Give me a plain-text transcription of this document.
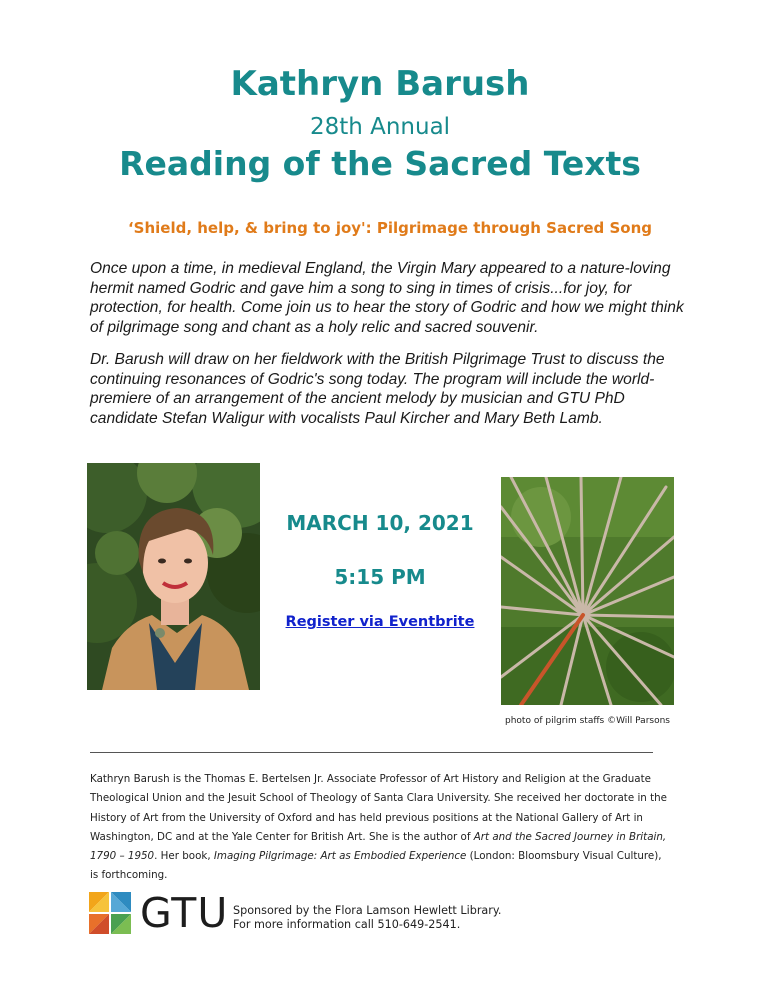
Kathryn Barush
28th Annual
Reading of the Sacred Texts
‘Shield, help, & bring to joy': Pilgrimage through Sacred Song
Once upon a time, in medieval England, the Virgin Mary appeared to a nature-loving hermit named Godric and gave him a song to sing in times of crisis...for joy, for protection, for health. Come join us to hear the story of Godric and how we might think of pilgrimage song and chant as a holy relic and sacred souvenir.
Dr. Barush will draw on her fieldwork with the British Pilgrimage Trust to discuss the continuing resonances of Godric's song today. The program will include the world-premiere of an arrangement of the ancient melody by musician and GTU PhD candidate Stefan Waligur with vocalists Paul Kircher and Mary Beth Lamb.
MARCH 10, 2021
5:15 PM
Register via Eventbrite
photo of pilgrim staffs ©Will Parsons
Kathryn Barush is the Thomas E. Bertelsen Jr. Associate Professor of Art History and Religion at the Graduate Theological Union and the Jesuit School of Theology of Santa Clara University. She received her doctorate in the History of Art from the University of Oxford and has held previous positions at the National Gallery of Art in Washington, DC and at the Yale Center for British Art. She is the author of Art and the Sacred Journey in Britain, 1790 – 1950. Her book, Imaging Pilgrimage: Art as Embodied Experience (London: Bloomsbury Visual Culture), is forthcoming.
GTU Sponsored by the Flora Lamson Hewlett Library.
For more information call 510-649-2541.
